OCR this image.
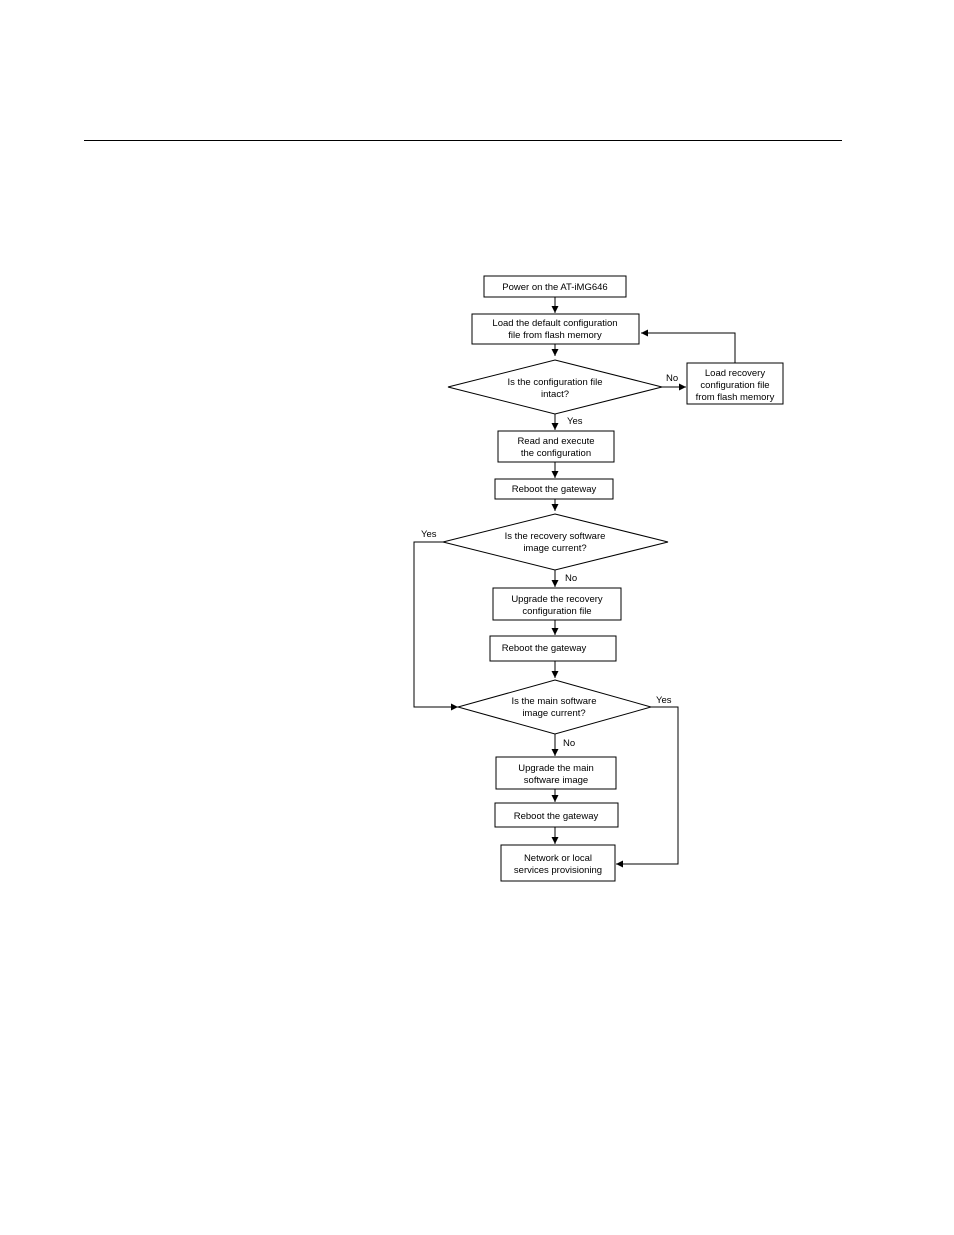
Power on the AT-iMG646
Load the default configuration file from flash memory
Is the configuration file intact?
Load recovery configuration file from flash memory
Read and execute the configuration
Reboot the gateway
Is the recovery software image current?
Upgrade the recovery configuration file
Reboot the gateway
Is the main software image current?
Upgrade the main software image
Reboot the gateway
Network or local services provisioning
No
Yes
Yes
No
Yes
No
